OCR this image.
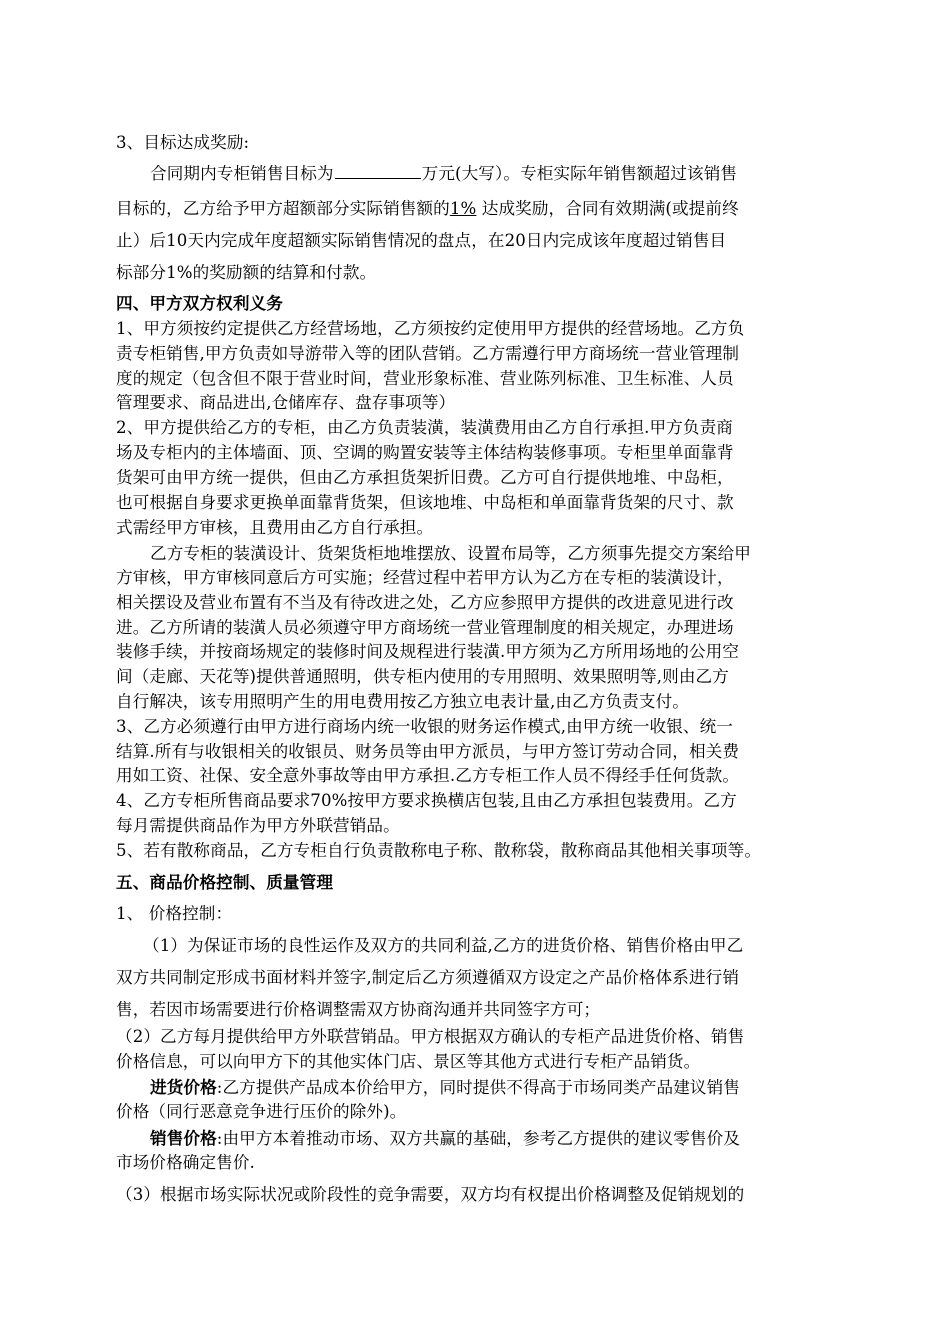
3、目标达成奖励:
合同期内专柜销售目标为	万元(大写）。专柜实际年销售额超过该销售
目标的，乙方给予甲方超额部分实际销售额的1% 达成奖励，合同有效期满(或提前终
止）后10天内完成年度超额实际销售情况的盘点，在20日内完成该年度超过销售目
标部分1%的奖励额的结算和付款。
四、甲方双方权利义务
1、甲方须按约定提供乙方经营场地，乙方须按约定使用甲方提供的经营场地。乙方负
责专柜销售,甲方负责如导游带入等的团队营销。乙方需遵行甲方商场统一营业管理制
度的规定（包含但不限于营业时间，营业形象标准、营业陈列标准、卫生标准、人员
管理要求、商品进出,仓储库存、盘存事项等）
2、甲方提供给乙方的专柜，由乙方负责装潢，装潢费用由乙方自行承担.甲方负责商
场及专柜内的主体墙面、顶、空调的购置安装等主体结构装修事项。专柜里单面靠背
货架可由甲方统一提供，但由乙方承担货架折旧费。乙方可自行提供地堆、中岛柜，
也可根据自身要求更换单面靠背货架，但该地堆、中岛柜和单面靠背货架的尺寸、款
式需经甲方审核，且费用由乙方自行承担。
乙方专柜的装潢设计、货架货柜地堆摆放、设置布局等，乙方须事先提交方案给甲
方审核，甲方审核同意后方可实施；经营过程中若甲方认为乙方在专柜的装潢设计，
相关摆设及营业布置有不当及有待改进之处，乙方应参照甲方提供的改进意见进行改
进。乙方所请的装潢人员必须遵守甲方商场统一营业管理制度的相关规定，办理进场
装修手续，并按商场规定的装修时间及规程进行装潢.甲方须为乙方所用场地的公用空
间（走廊、天花等)提供普通照明，供专柜内使用的专用照明、效果照明等,则由乙方
自行解决，该专用照明产生的用电费用按乙方独立电表计量,由乙方负责支付。
3、乙方必须遵行由甲方进行商场内统一收银的财务运作模式,由甲方统一收银、统一
结算.所有与收银相关的收银员、财务员等由甲方派员，与甲方签订劳动合同，相关费
用如工资、社保、安全意外事故等由甲方承担.乙方专柜工作人员不得经手任何货款。
4、乙方专柜所售商品要求70%按甲方要求换横店包装,且由乙方承担包装费用。乙方
每月需提供商品作为甲方外联营销品。
5、若有散称商品，乙方专柜自行负责散称电子称、散称袋，散称商品其他相关事项等。
五、商品价格控制、质量管理
1、 价格控制：
（1）为保证市场的良性运作及双方的共同利益,乙方的进货价格、销售价格由甲乙
双方共同制定形成书面材料并签字,制定后乙方须遵循双方设定之产品价格体系进行销
售，若因市场需要进行价格调整需双方协商沟通并共同签字方可；
（2）乙方每月提供给甲方外联营销品。甲方根据双方确认的专柜产品进货价格、销售
价格信息，可以向甲方下的其他实体门店、景区等其他方式进行专柜产品销货。
进货价格:乙方提供产品成本价给甲方，同时提供不得高于市场同类产品建议销售
价格（同行恶意竞争进行压价的除外)。
销售价格:由甲方本着推动市场、双方共赢的基础，参考乙方提供的建议零售价及
市场价格确定售价.
（3）根据市场实际状况或阶段性的竞争需要，双方均有权提出价格调整及促销规划的
